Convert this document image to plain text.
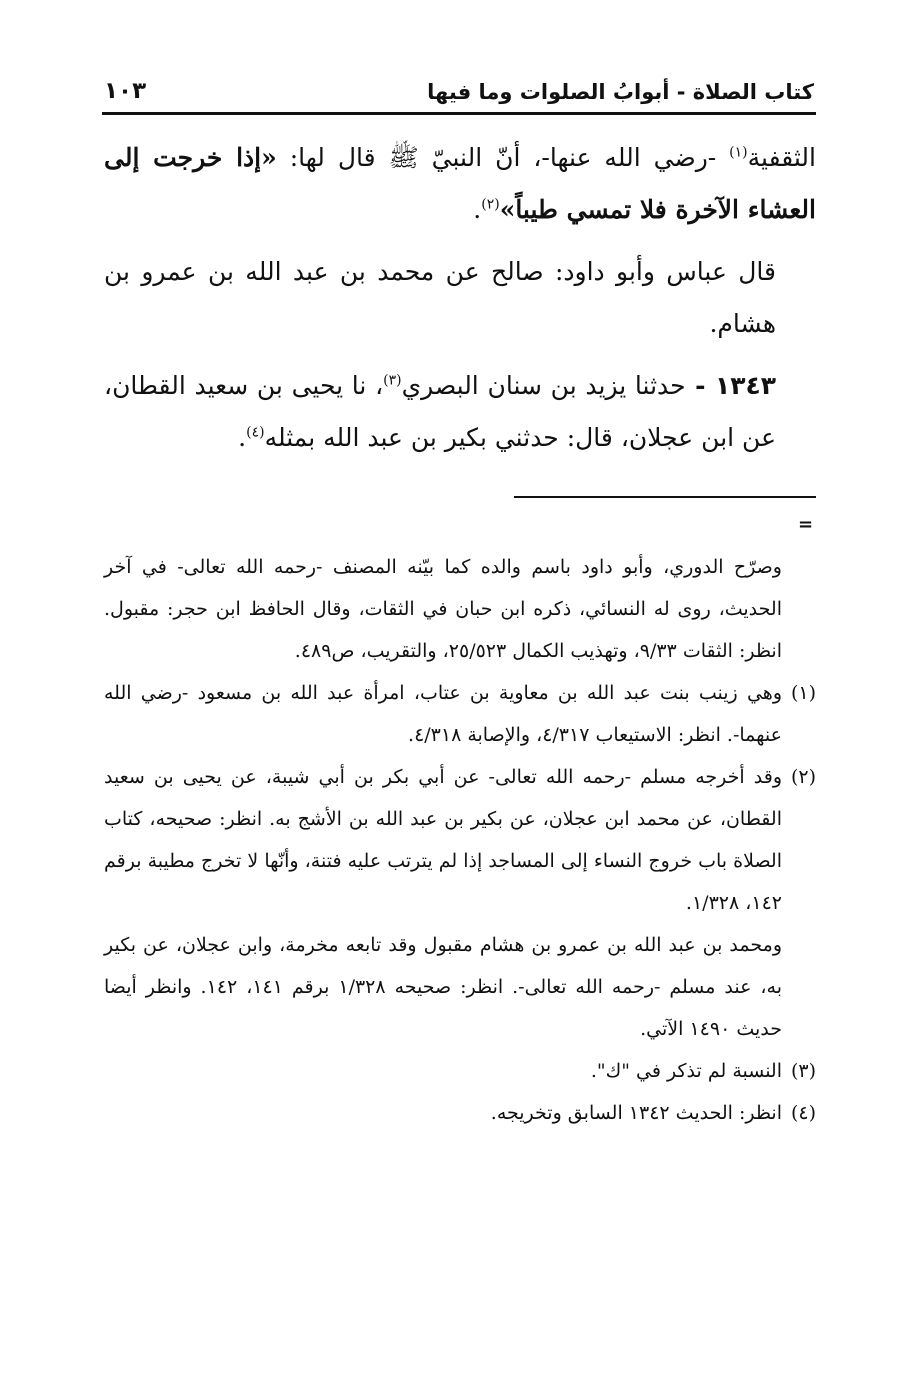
كتاب الصلاة - أبوابُ الصلوات وما فيها
١٠٣

الثقفية$^{(١)}$ -رضي الله عنها-، أنّ النبيّ ﷺ قال لها: «إذا خرجت إلى العشاء الآخرة فلا تمسي طيباً»$^{(٢)}$.

قال عباس وأبو داود: صالح عن محمد بن عبد الله بن عمرو بن هشام.

١٣٤٣ - حدثنا يزيد بن سنان البصري$^{(٣)}$، نا يحيى بن سعيد القطان، عن ابن عجلان، قال: حدثني بكير بن عبد الله بمثله$^{(٤)}$.

=

وصرّح الدوري، وأبو داود باسم والده كما بيّنه المصنف -رحمه الله تعالى- في آخر الحديث، روى له النسائي، ذكره ابن حبان في الثقات، وقال الحافظ ابن حجر: مقبول. انظر: الثقات ٩/٣٣، وتهذيب الكمال ٢٥/٥٢٣، والتقريب، ص٤٨٩.

(١)
وهي زينب بنت عبد الله بن معاوية بن عتاب، امرأة عبد الله بن مسعود -رضي الله عنهما-. انظر: الاستيعاب ٤/٣١٧، والإصابة ٤/٣١٨.

(٢)
وقد أخرجه مسلم -رحمه الله تعالى- عن أبي بكر بن أبي شيبة، عن يحيى بن سعيد القطان، عن محمد ابن عجلان، عن بكير بن عبد الله بن الأشج به. انظر: صحيحه، كتاب الصلاة باب خروج النساء إلى المساجد إذا لم يترتب عليه فتنة، وأنّها لا تخرج مطيبة برقم ١٤٢، ١/٣٢٨.

ومحمد بن عبد الله بن عمرو بن هشام مقبول وقد تابعه مخرمة، وابن عجلان، عن بكير به، عند مسلم -رحمه الله تعالى-. انظر: صحيحه ١/٣٢٨ برقم ١٤١، ١٤٢. وانظر أيضا حديث ١٤٩٠ الآتي.

(٣)
النسبة لم تذكر في "ك".

(٤)
انظر: الحديث ١٣٤٢ السابق وتخريجه.
